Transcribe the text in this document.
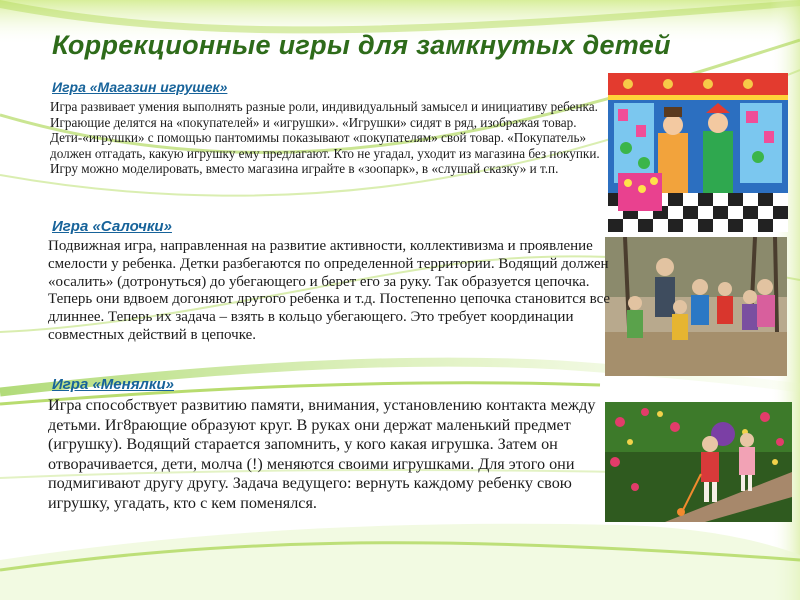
Коррекционные игры для замкнутых детей
Игра «Магазин игрушек»

Игра развивает умения выполнять разные роли, индивидуальный замысел и инициативу ребенка. Играющие делятся на «покупателей» и «игрушки». «Игрушки» сидят в ряд, изображая товар. Дети-«игрушки» с помощью пантомимы показывают «покупателям» свой товар. «Покупатель» должен отгадать, какую игрушку ему предлагают. Кто не угадал, уходит из магазина без покупки. Игру можно моделировать, вместо магазина играйте в «зоопарк», в «слушай сказку» и т.п.

Игра «Салочки»

Подвижная игра, направленная на развитие активности, коллективизма и проявление смелости у ребенка. Детки разбегаются по определенной территории. Водящий должен «осалить» (дотронуться) до убегающего и берет его за руку. Так образуется цепочка. Теперь они вдвоем догоняют другого ребенка и т.д. Постепенно цепочка становится все длиннее. Теперь их задача – взять в кольцо убегающего. Это требует координации совместных действий в цепочке.

Игра «Менялки»

Игра способствует развитию памяти, внимания, установлению контакта между детьми. Иг8рающие образуют круг. В руках они держат маленький предмет (игрушку). Водящий старается запомнить, у кого какая игрушка. Затем он отворачивается, дети, молча (!) меняются своими игрушками. Для этого они подмигивают другу другу. Задача ведущего: вернуть каждому ребенку свою игрушку, угадать, кто с кем поменялся.
